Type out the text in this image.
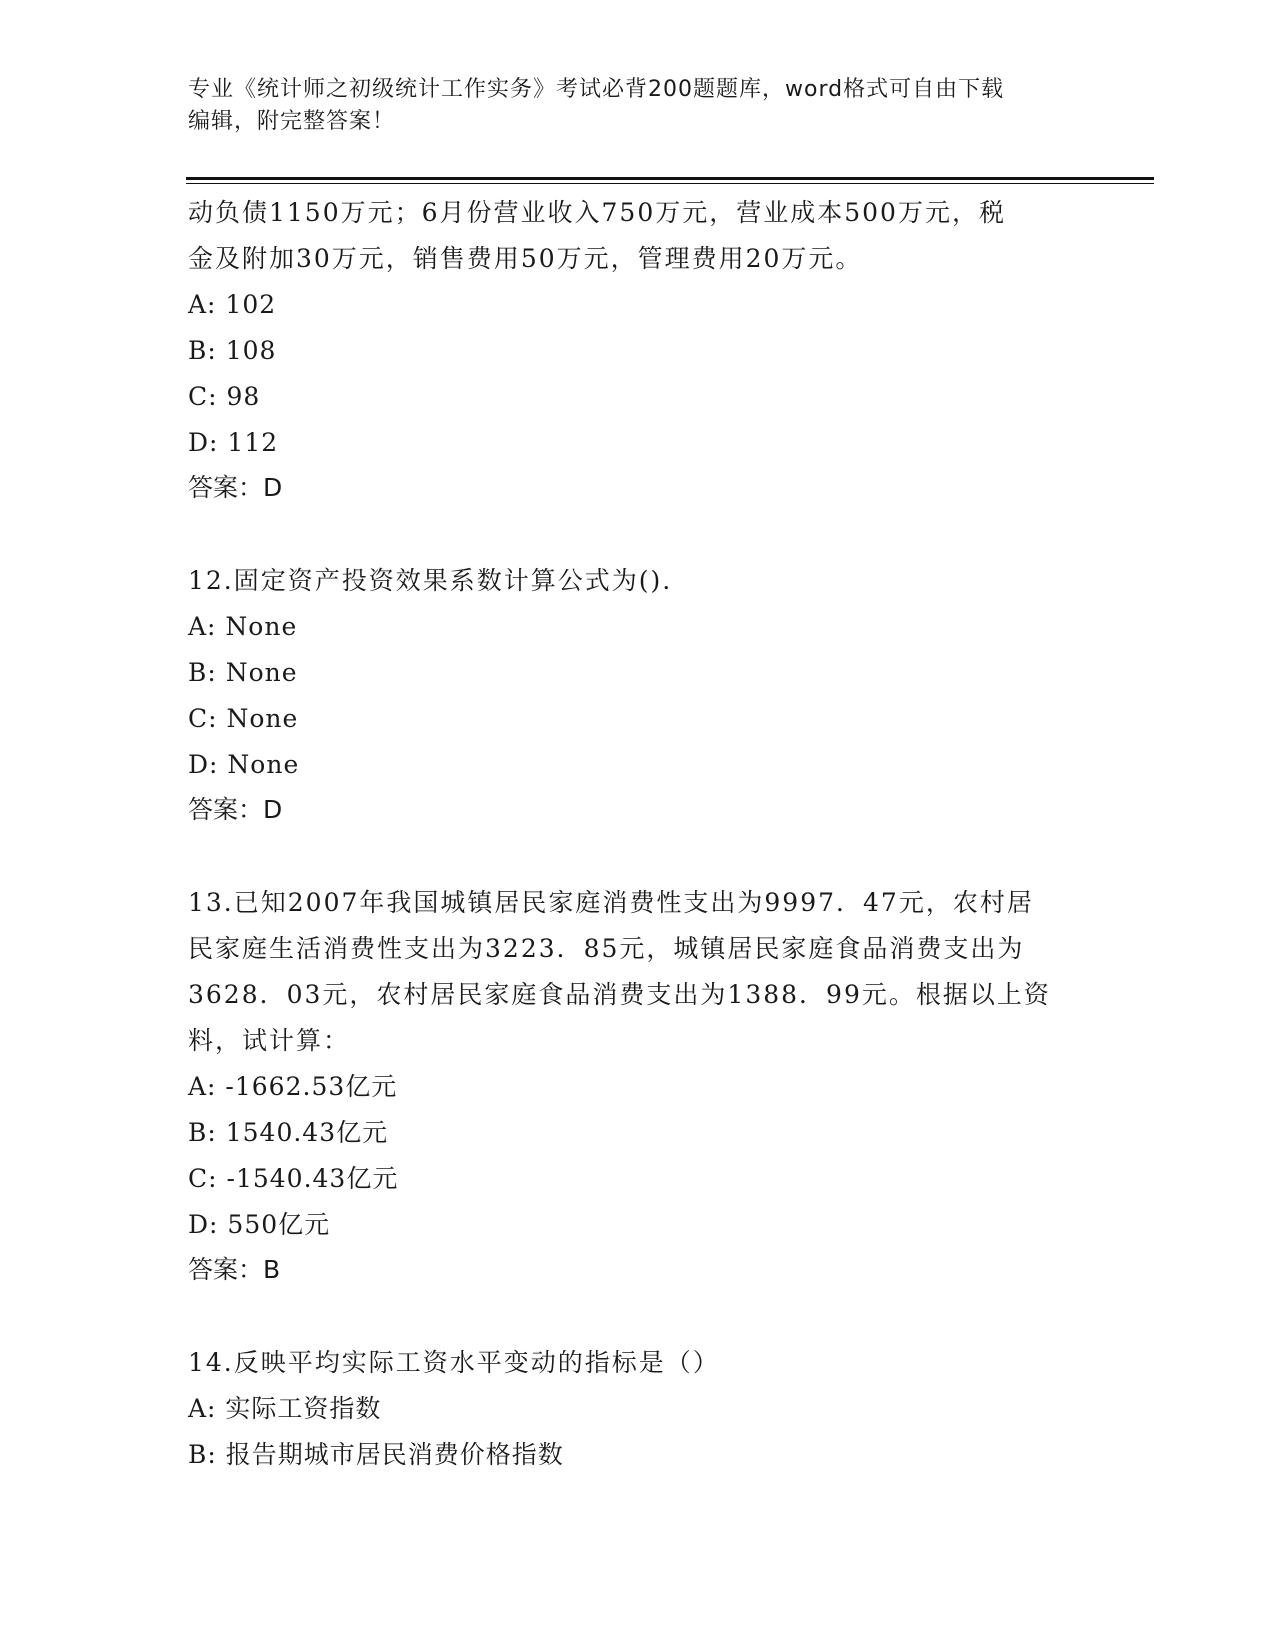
专业《统计师之初级统计工作实务》考试必背200题题库，word格式可自由下载
编辑，附完整答案！

动负债1150万元；6月份营业收入750万元，营业成本500万元，税

金及附加30万元，销售费用50万元，管理费用20万元。

A: 102

B: 108

C: 98

D: 112

答案：D

12.固定资产投资效果系数计算公式为().

A: None

B: None

C: None

D: None

答案：D

13.已知2007年我国城镇居民家庭消费性支出为9997．47元，农村居

民家庭生活消费性支出为3223．85元，城镇居民家庭食品消费支出为

3628．03元，农村居民家庭食品消费支出为1388．99元。根据以上资

料，试计算：

A: -1662.53亿元

B: 1540.43亿元

C: -1540.43亿元

D: 550亿元

答案：B

14.反映平均实际工资水平变动的指标是（）

A: 实际工资指数

B: 报告期城市居民消费价格指数
